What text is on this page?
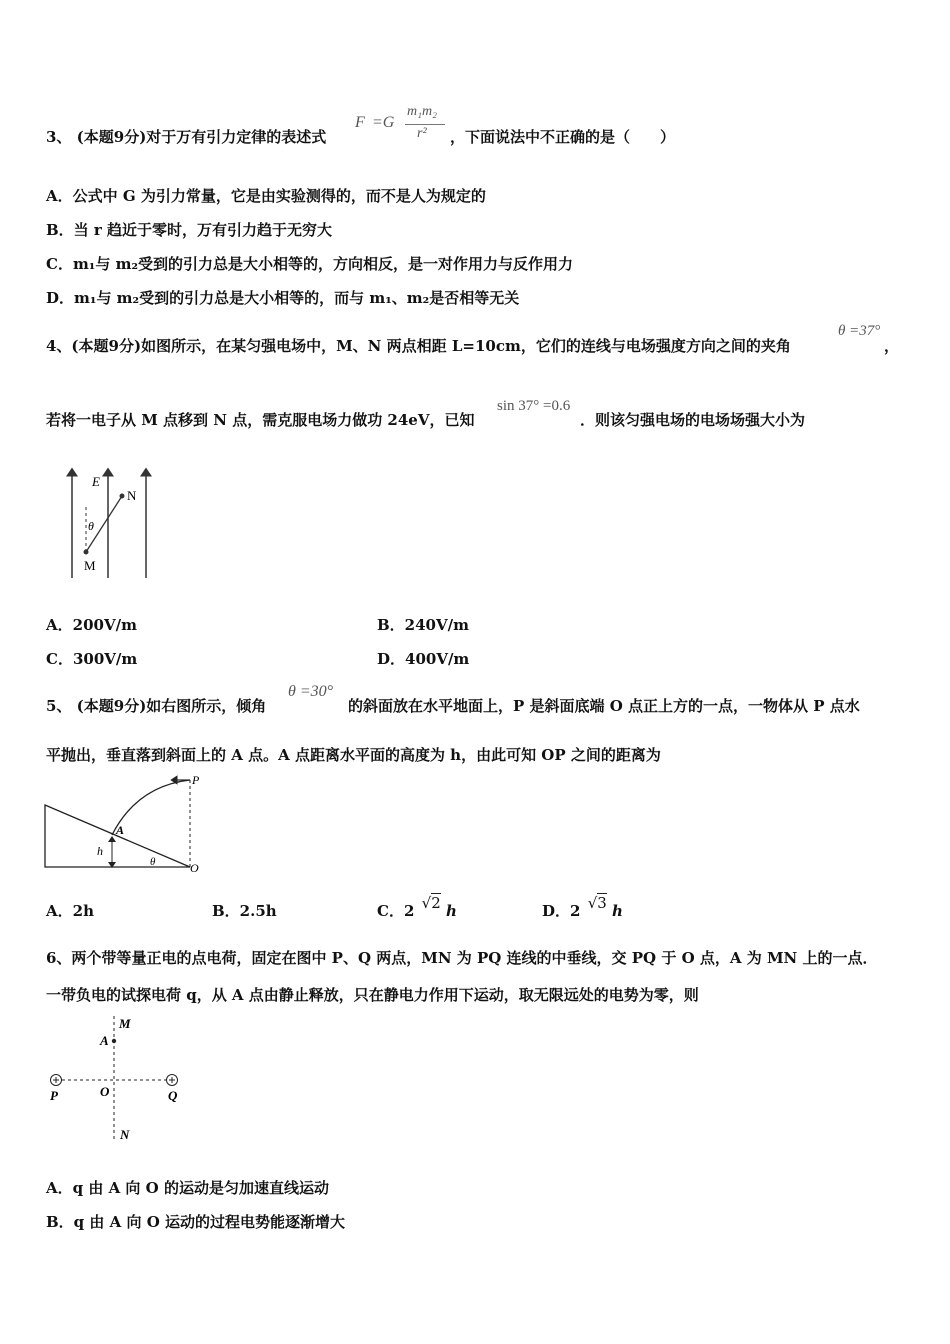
3、 (本题9分)对于万有引力定律的表述式
F =G
m₁m₂
r² ，下面说法中不正确的是（　　）
A．公式中 G 为引力常量，它是由实验测得的，而不是人为规定的
B．当 r 趋近于零时，万有引力趋于无穷大
C．m₁与 m₂受到的引力总是大小相等的，方向相反，是一对作用力与反作用力
D．m₁与 m₂受到的引力总是大小相等的，而与 m₁、m₂是否相等无关
4、(本题9分)如图所示，在某匀强电场中，M、N 两点相距 L=10cm，它们的连线与电场强度方向之间的夹角
θ =37°
，
若将一电子从 M 点移到 N 点，需克服电场力做功 24eV，已知
sin 37° =0.6
．则该匀强电场的电场场强大小为
E
N
M
θ
A．200V/m	B．240V/m
C．300V/m	D．400V/m
5、 (本题9分)如右图所示，倾角
θ =30°
的斜面放在水平地面上，P 是斜面底端 O 点正上方的一点，一物体从 P 点水
平抛出，垂直落到斜面上的 A 点。A 点距离水平面的高度为 h，由此可知 OP 之间的距离为
P
A
h
θ	O
A．2h	B．2.5h	C．2 √2 h	D．2 √3 h
6、两个带等量正电的点电荷，固定在图中 P、Q 两点，MN 为 PQ 连线的中垂线，交 PQ 于 O 点，A 为 MN 上的一点．
一带负电的试探电荷 q，从 A 点由静止释放，只在静电力作用下运动，取无限远处的电势为零，则
M
A
P	O	Q
N
A．q 由 A 向 O 的运动是匀加速直线运动
B．q 由 A 向 O 运动的过程电势能逐渐增大
